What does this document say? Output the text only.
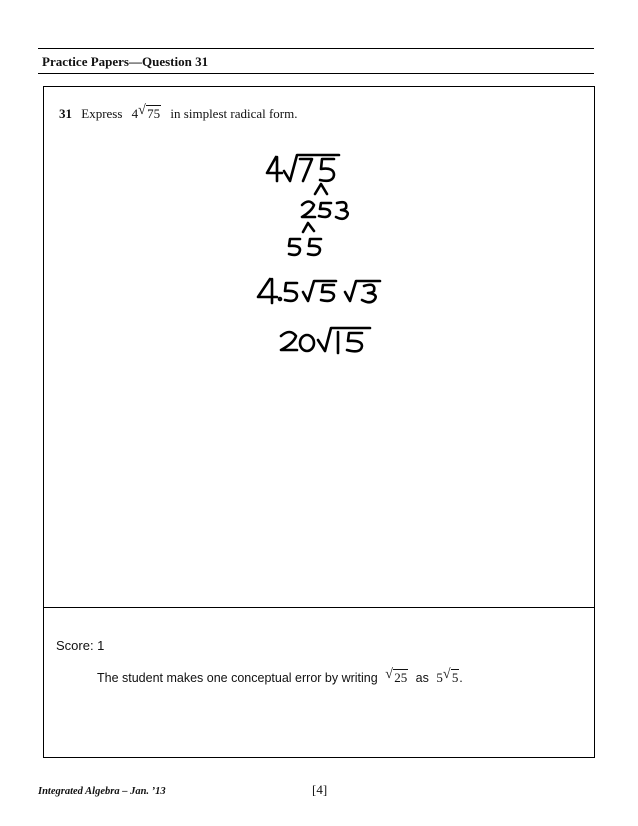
Practice Papers—Question 31
31 Express 4 √ 75 in simplest radical form.
Score: 1
The student makes one conceptual error by writing √ 25 as 5 √ 5.
Integrated Algebra – Jan. ’13	[4]
